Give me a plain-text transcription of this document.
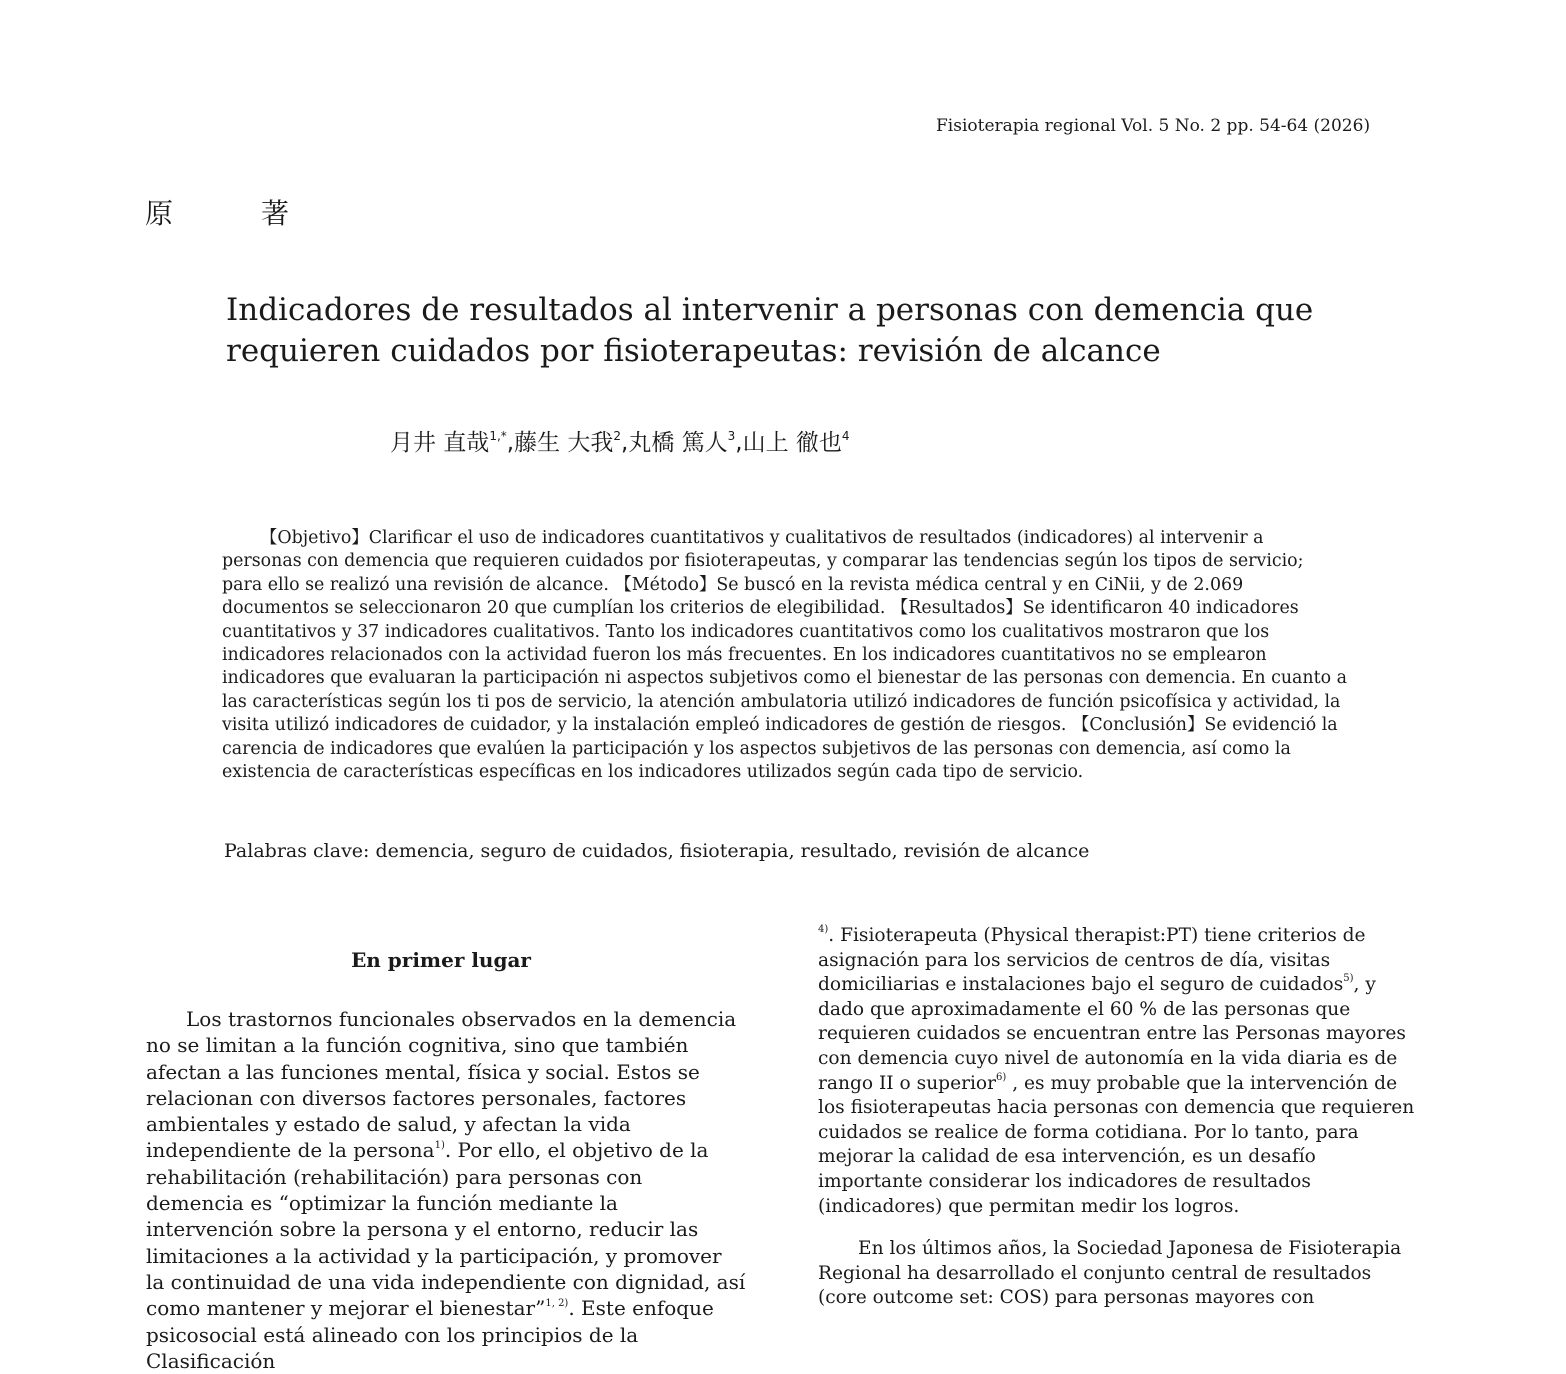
Fisioterapia regional Vol. 5 No. 2 pp. 54-64 (2026)
原著
Indicadores de resultados al intervenir a personas con demencia que requieren cuidados por fisioterapeutas: revisión de alcance
月井 直哉$^{1,*}$,藤生 大我$^2$,丸橋 篤人$^3$,山上 徹也$^4$

【Objetivo】Clarificar el uso de indicadores cuantitativos y cualitativos de resultados (indicadores) al intervenir a personas con demencia que requieren cuidados por fisioterapeutas, y comparar las tendencias según los tipos de servicio; para ello se realizó una revisión de alcance. 【Método】Se buscó en la revista médica central y en CiNii, y de 2.069 documentos se seleccionaron 20 que cumplían los criterios de elegibilidad. 【Resultados】Se identificaron 40 indicadores cuantitativos y 37 indicadores cualitativos. Tanto los indicadores cuantitativos como los cualitativos mostraron que los indicadores relacionados con la actividad fueron los más frecuentes. En los indicadores cuantitativos no se emplearon indicadores que evaluaran la participación ni aspectos subjetivos como el bienestar de las personas con demencia. En cuanto a las características según los ti pos de servicio, la atención ambulatoria utilizó indicadores de función psicofísica y actividad, la visita utilizó indicadores de cuidador, y la instalación empleó indicadores de gestión de riesgos. 【Conclusión】Se evidenció la carencia de indicadores que evalúen la participación y los aspectos subjetivos de las personas con demencia, así como la existencia de características específicas en los indicadores utilizados según cada tipo de servicio.

Palabras clave: demencia, seguro de cuidados, fisioterapia, resultado, revisión de alcance
En primer lugar

Los trastornos funcionales observados en la demencia no se limitan a la función cognitiva, sino que también afectan a las funciones mental, física y social. Estos se relacionan con diversos factores personales, factores ambientales y estado de salud, y afectan la vida independiente de la persona$^{1)}$. Por ello, el objetivo de la rehabilitación (rehabilitación) para personas con demencia es “optimizar la función mediante la intervención sobre la persona y el entorno, reducir las limitaciones a la actividad y la participación, y promover la continuidad de una vida independiente con dignidad, así como mantener y mejorar el bienestar”$^{1, 2)}$. Este enfoque psicosocial está alineado con los principios de la Clasificación

$^{4)}$. Fisioterapeuta (Physical therapist:PT) tiene criterios de asignación para los servicios de centros de día, visitas domiciliarias e instalaciones bajo el seguro de cuidados$^{5)}$, y dado que aproximadamente el 60 % de las personas que requieren cuidados se encuentran entre las Personas mayores con demencia cuyo nivel de autonomía en la vida diaria es de rango II o superior$^{6)}$ , es muy probable que la intervención de los fisioterapeutas hacia personas con demencia que requieren cuidados se realice de forma cotidiana. Por lo tanto, para mejorar la calidad de esa intervención, es un desafío importante considerar los indicadores de resultados (indicadores) que permitan medir los logros.

En los últimos años, la Sociedad Japonesa de Fisioterapia Regional ha desarrollado el conjunto central de resultados (core outcome set: COS) para personas mayores con
